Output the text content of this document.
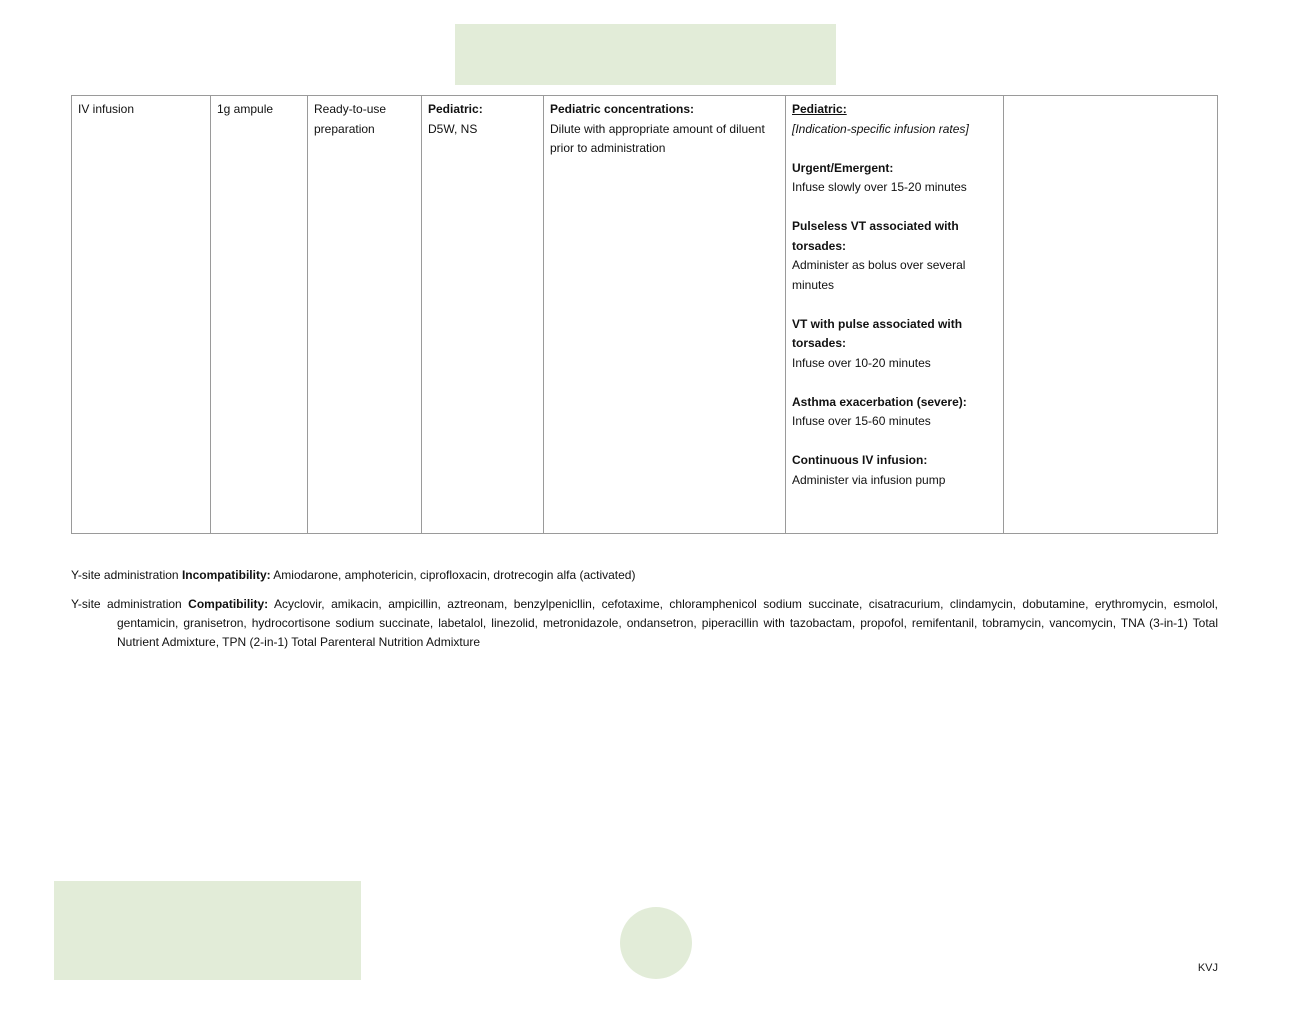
IV infusion	1g ampule	Ready-to-use preparation
Pediatric:
D5W, NS
Pediatric concentrations:
Dilute with appropriate amount of diluent prior to administration
Pediatric:
[Indication-specific infusion rates]
Urgent/Emergent:
Infuse slowly over 15-20 minutes
Pulseless VT associated with torsades:
Administer as bolus over several minutes
VT with pulse associated with torsades:
Infuse over 10-20 minutes
Asthma exacerbation (severe):
Infuse over 15-60 minutes
Continuous IV infusion:
Administer via infusion pump

Y-site administration Incompatibility: Amiodarone, amphotericin, ciprofloxacin, drotrecogin alfa (activated)

Y-site administration Compatibility: Acyclovir, amikacin, ampicillin, aztreonam, benzylpenicllin, cefotaxime, chloramphenicol sodium succinate, cisatracurium, clindamycin, dobutamine, erythromycin, esmolol, gentamicin, granisetron, hydrocortisone sodium succinate, labetalol, linezolid, metronidazole, ondansetron, piperacillin with tazobactam, propofol, remifentanil, tobramycin, vancomycin, TNA (3-in-1) Total Nutrient Admixture, TPN (2-in-1) Total Parenteral Nutrition Admixture

KVJ
